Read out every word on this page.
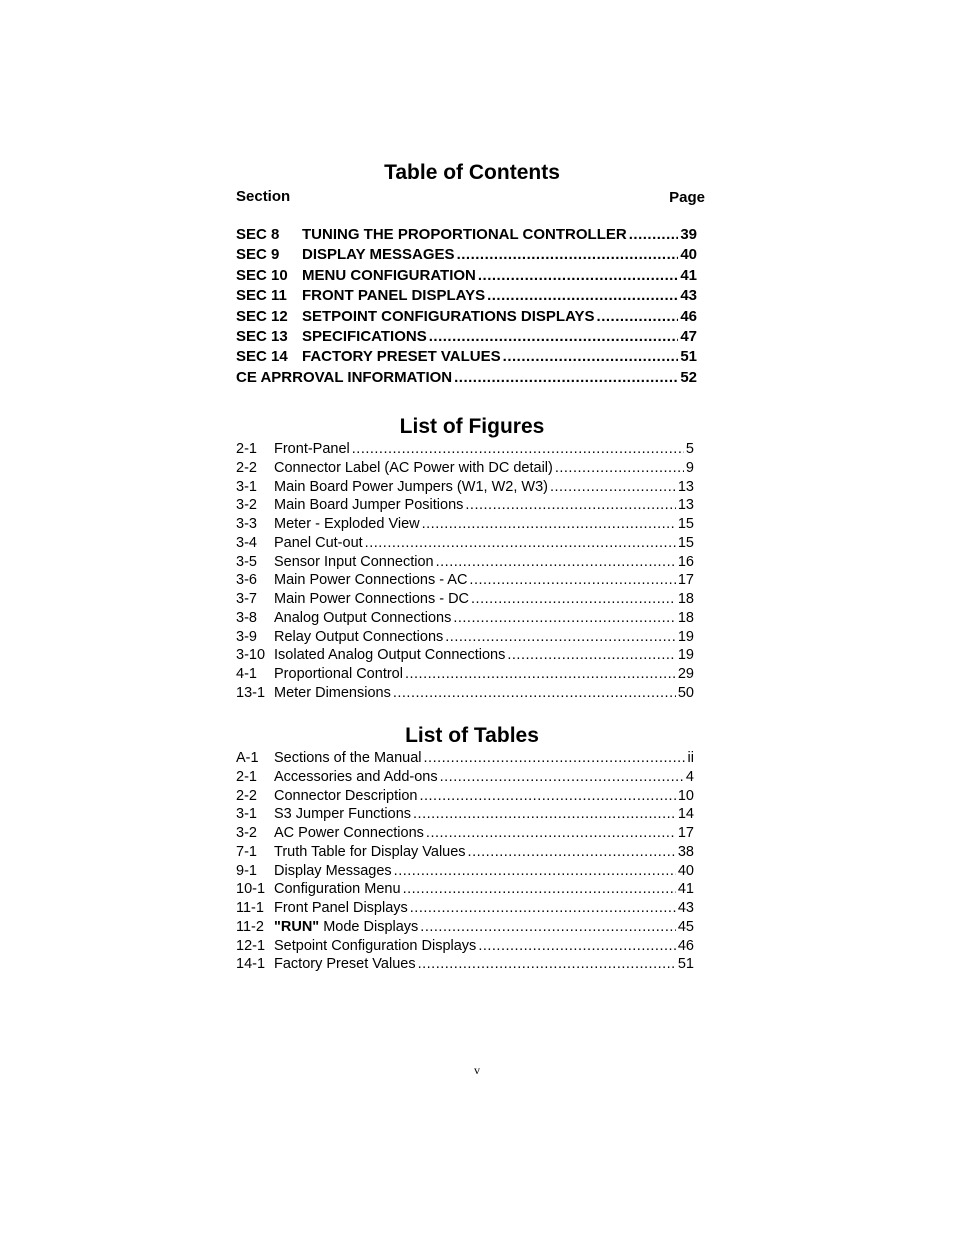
Table of Contents
Section	Page
SEC 8	TUNING THE PROPORTIONAL CONTROLLER .....	39
SEC 9	DISPLAY MESSAGES .....	40
SEC 10 MENU CONFIGURATION .....	41
SEC 11	FRONT PANEL DISPLAYS .....	43
SEC 12 SETPOINT CONFIGURATIONS DISPLAYS .....	46
SEC 13 SPECIFICATIONS .....	47
SEC 14 FACTORY PRESET VALUES .....	51
CE APRROVAL INFORMATION .....	52
List of Figures
2-1	Front-Panel .....	5
2-2	Connector Label (AC Power with DC detail) .....	9
3-1	Main Board Power Jumpers (W1, W2, W3) .....	13
3-2	Main Board Jumper Positions .....	13
3-3	Meter - Exploded View .....	15
3-4	Panel Cut-out .....	15
3-5	Sensor Input Connection .....	16
3-6	Main Power Connections - AC .....	17
3-7	Main Power Connections - DC .....	18
3-8	Analog Output Connections .....	18
3-9	Relay Output Connections .....	19
3-10 Isolated Analog Output Connections .....	19
4-1	Proportional Control .....	29
13-1 Meter Dimensions .....	50
List of Tables
A-1	Sections of the Manual .....	ii
2-1	Accessories and Add-ons .....	4
2-2	Connector Description .....	10
3-1	S3 Jumper Functions .....	14
3-2	AC Power Connections .....	17
7-1	Truth Table for Display Values .....	38
9-1	Display Messages .....	40
10-1 Configuration Menu .....	41
11-1 Front Panel Displays .....	43
11-2 "RUN" Mode Displays .....	45
12-1 Setpoint Configuration Displays .....	46
14-1 Factory Preset Values .....	51
v
